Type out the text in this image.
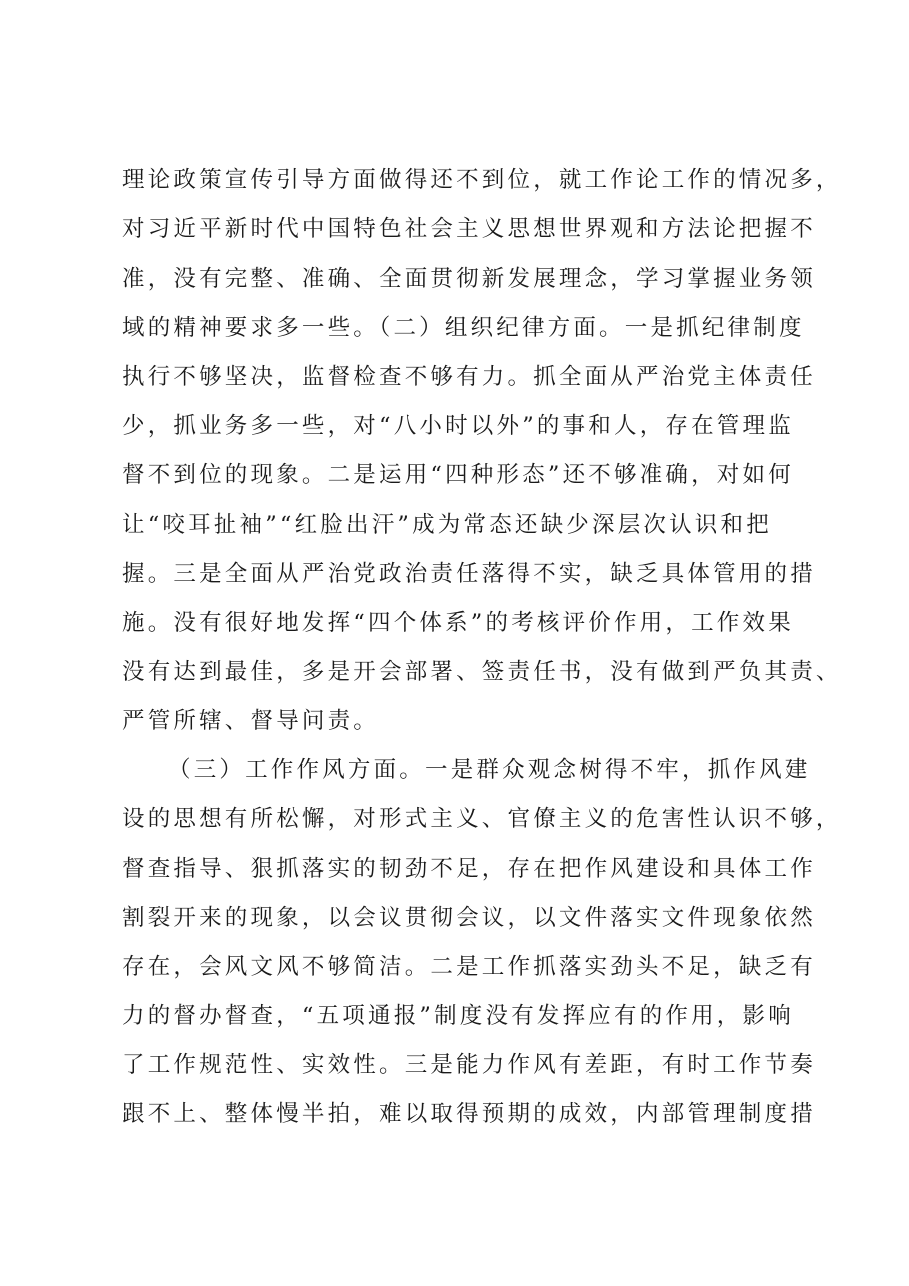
理论政策宣传引导方面做得还不到位，就工作论工作的情况多，
对习近平新时代中国特色社会主义思想世界观和方法论把握不
准，没有完整、准确、全面贯彻新发展理念，学习掌握业务领
域的精神要求多一些。（二）组织纪律方面。一是抓纪律制度
执行不够坚决，监督检查不够有力。抓全面从严治党主体责任
少，抓业务多一些，对“八小时以外”的事和人，存在管理监
督不到位的现象。二是运用“四种形态”还不够准确，对如何
让“咬耳扯袖”“红脸出汗”成为常态还缺少深层次认识和把
握。三是全面从严治党政治责任落得不实，缺乏具体管用的措
施。没有很好地发挥“四个体系”的考核评价作用，工作效果
没有达到最佳，多是开会部署、签责任书，没有做到严负其责、
严管所辖、督导问责。
（三）工作作风方面。一是群众观念树得不牢，抓作风建
设的思想有所松懈，对形式主义、官僚主义的危害性认识不够，
督查指导、狠抓落实的韧劲不足，存在把作风建设和具体工作
割裂开来的现象，以会议贯彻会议，以文件落实文件现象依然
存在，会风文风不够简洁。二是工作抓落实劲头不足，缺乏有
力的督办督查，“五项通报”制度没有发挥应有的作用，影响
了工作规范性、实效性。三是能力作风有差距，有时工作节奏
跟不上、整体慢半拍，难以取得预期的成效，内部管理制度措
